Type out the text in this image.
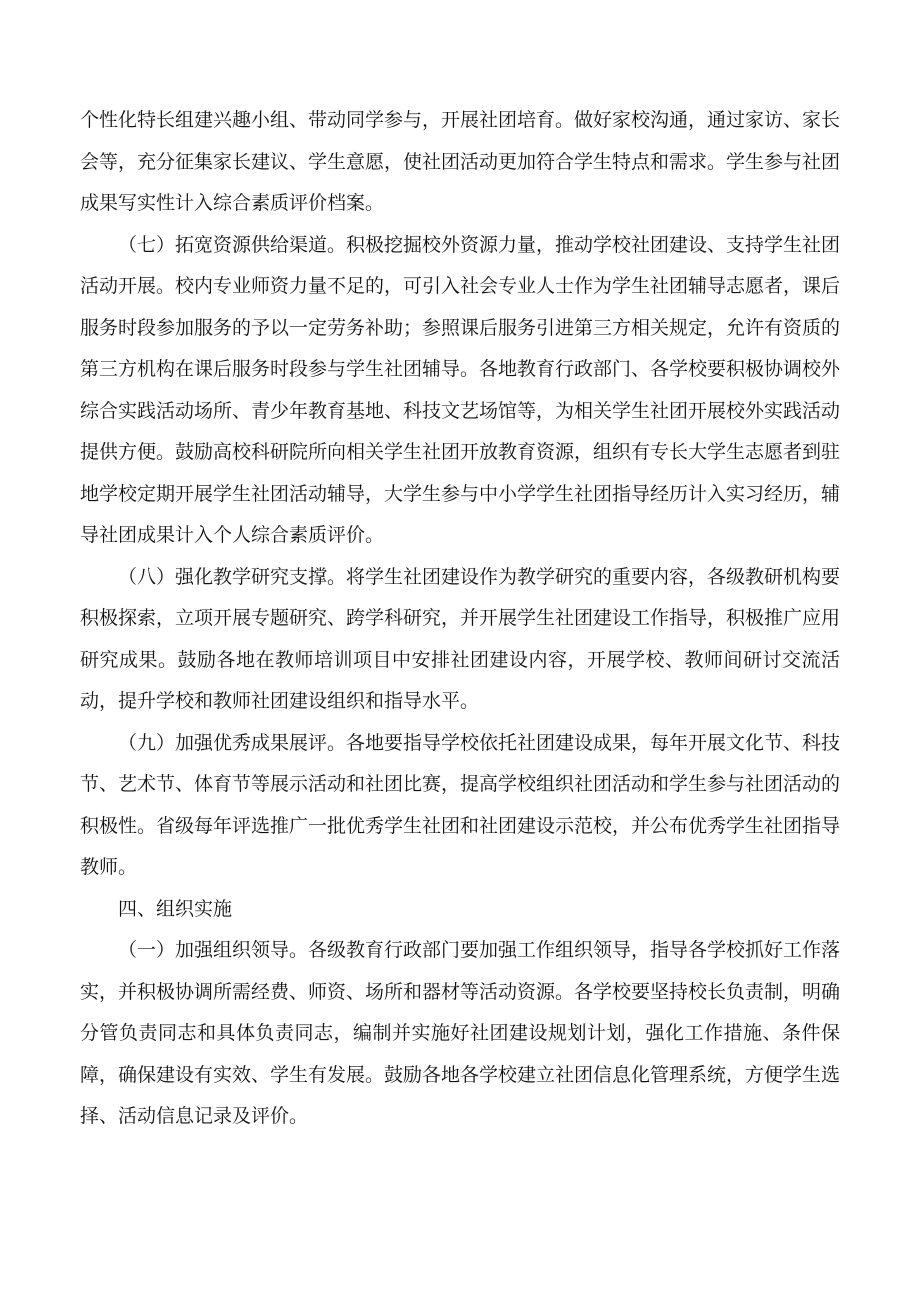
个性化特长组建兴趣小组、带动同学参与，开展社团培育。做好家校沟通，通过家访、家长会等，充分征集家长建议、学生意愿，使社团活动更加符合学生特点和需求。学生参与社团成果写实性计入综合素质评价档案。

（七）拓宽资源供给渠道。积极挖掘校外资源力量，推动学校社团建设、支持学生社团活动开展。校内专业师资力量不足的，可引入社会专业人士作为学生社团辅导志愿者，课后服务时段参加服务的予以一定劳务补助；参照课后服务引进第三方相关规定，允许有资质的第三方机构在课后服务时段参与学生社团辅导。各地教育行政部门、各学校要积极协调校外综合实践活动场所、青少年教育基地、科技文艺场馆等，为相关学生社团开展校外实践活动提供方便。鼓励高校科研院所向相关学生社团开放教育资源，组织有专长大学生志愿者到驻地学校定期开展学生社团活动辅导，大学生参与中小学学生社团指导经历计入实习经历，辅导社团成果计入个人综合素质评价。

（八）强化教学研究支撑。将学生社团建设作为教学研究的重要内容，各级教研机构要积极探索，立项开展专题研究、跨学科研究，并开展学生社团建设工作指导，积极推广应用研究成果。鼓励各地在教师培训项目中安排社团建设内容，开展学校、教师间研讨交流活动，提升学校和教师社团建设组织和指导水平。

（九）加强优秀成果展评。各地要指导学校依托社团建设成果，每年开展文化节、科技节、艺术节、体育节等展示活动和社团比赛，提高学校组织社团活动和学生参与社团活动的积极性。省级每年评选推广一批优秀学生社团和社团建设示范校，并公布优秀学生社团指导教师。

四、组织实施

（一）加强组织领导。各级教育行政部门要加强工作组织领导，指导各学校抓好工作落实，并积极协调所需经费、师资、场所和器材等活动资源。各学校要坚持校长负责制，明确分管负责同志和具体负责同志，编制并实施好社团建设规划计划，强化工作措施、条件保障，确保建设有实效、学生有发展。鼓励各地各学校建立社团信息化管理系统，方便学生选择、活动信息记录及评价。
